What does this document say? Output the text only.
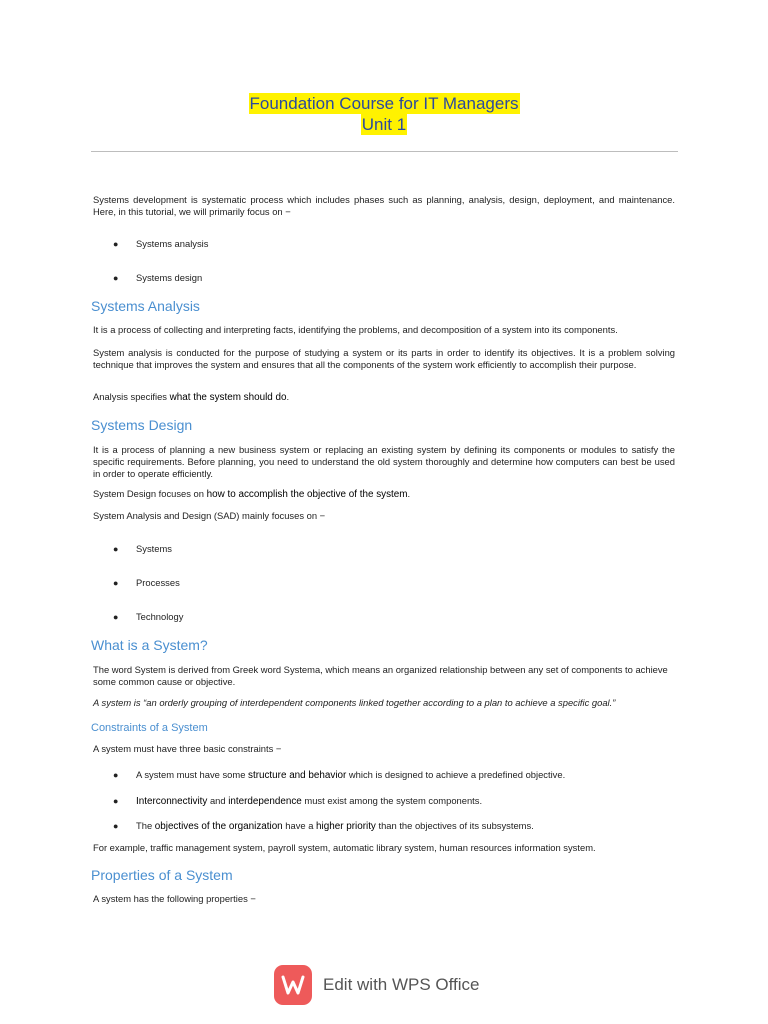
Foundation Course for IT Managers
Unit 1

Systems development is systematic process which includes phases such as planning, analysis, design, deployment, and maintenance. Here, in this tutorial, we will primarily focus on −

● Systems analysis
● Systems design
Systems Analysis

It is a process of collecting and interpreting facts, identifying the problems, and decomposition of a system into its components.

System analysis is conducted for the purpose of studying a system or its parts in order to identify its objectives. It is a problem solving technique that improves the system and ensures that all the components of the system work efficiently to accomplish their purpose.

Analysis specifies what the system should do.

Systems Design

It is a process of planning a new business system or replacing an existing system by defining its components or modules to satisfy the specific requirements. Before planning, you need to understand the old system thoroughly and determine how computers can best be used in order to operate efficiently.

System Design focuses on how to accomplish the objective of the system.

System Analysis and Design (SAD) mainly focuses on −

● Systems
● Processes
● Technology
What is a System?

The word System is derived from Greek word Systema, which means an organized relationship between any set of components to achieve some common cause or objective.

A system is “an orderly grouping of interdependent components linked together according to a plan to achieve a specific goal.”

Constraints of a System

A system must have three basic constraints −

● A system must have some structure and behavior which is designed to achieve a predefined objective.
● Interconnectivity and interdependence must exist among the system components.
● The objectives of the organization have a higher priority than the objectives of its subsystems.

For example, traffic management system, payroll system, automatic library system, human resources information system.

Properties of a System

A system has the following properties −

Edit with WPS Office
